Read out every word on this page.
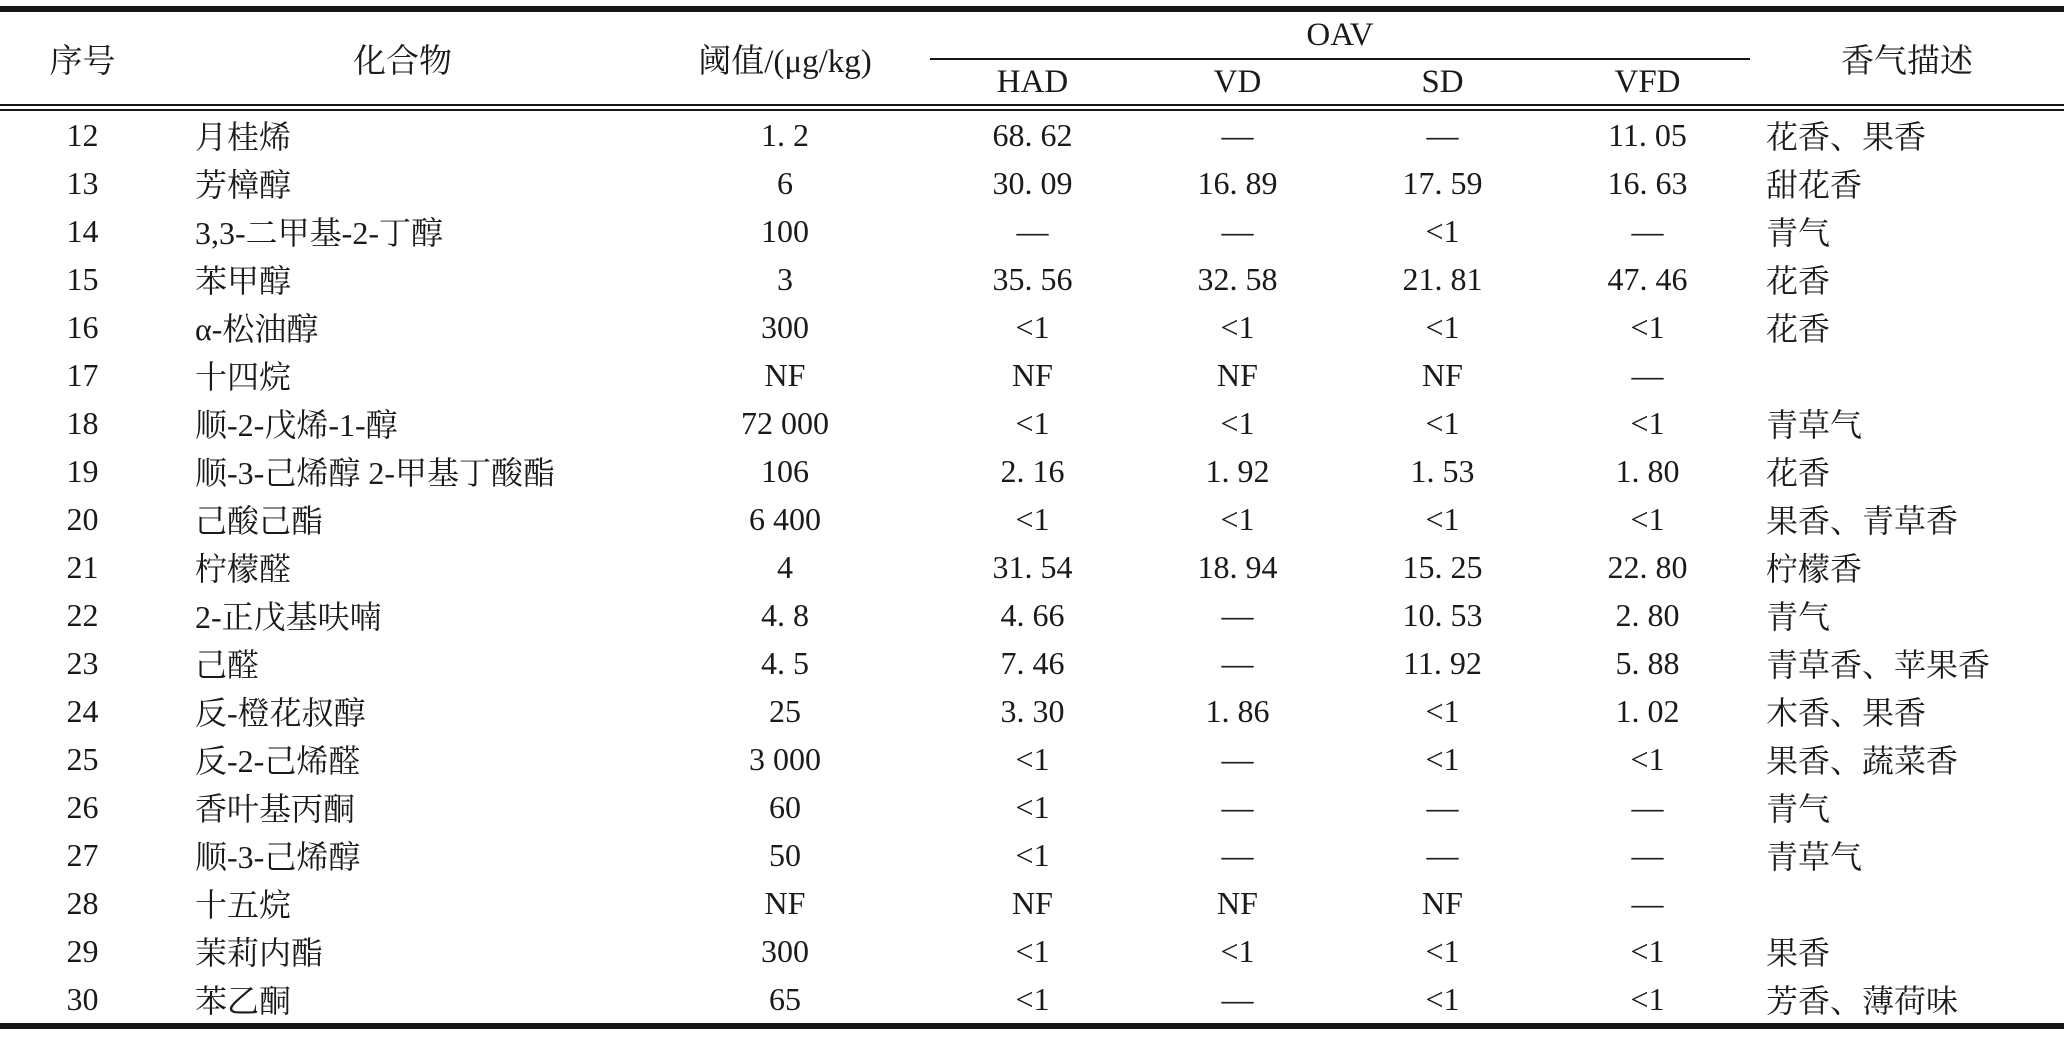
序号	化合物	阈值/(μg/kg)	OAV				香气描述
			HAD	VD	SD	VFD	
12	月桂烯	1. 2	68. 62	—	—	11. 05	花香、果香
13	芳樟醇	6	30. 09	16. 89	17. 59	16. 63	甜花香
14	3,3-二甲基-2-丁醇	100	—	—	<1	—	青气
15	苯甲醇	3	35. 56	32. 58	21. 81	47. 46	花香
16	α-松油醇	300	<1	<1	<1	<1	花香
17	十四烷	NF	NF	NF	NF	—	
18	顺-2-戊烯-1-醇	72 000	<1	<1	<1	<1	青草气
19	顺-3-己烯醇 2-甲基丁酸酯	106	2. 16	1. 92	1. 53	1. 80	花香
20	己酸己酯	6 400	<1	<1	<1	<1	果香、青草香
21	柠檬醛	4	31. 54	18. 94	15. 25	22. 80	柠檬香
22	2-正戊基呋喃	4. 8	4. 66	—	10. 53	2. 80	青气
23	己醛	4. 5	7. 46	—	11. 92	5. 88	青草香、苹果香
24	反-橙花叔醇	25	3. 30	1. 86	<1	1. 02	木香、果香
25	反-2-己烯醛	3 000	<1	—	<1	<1	果香、蔬菜香
26	香叶基丙酮	60	<1	—	—	—	青气
27	顺-3-己烯醇	50	<1	—	—	—	青草气
28	十五烷	NF	NF	NF	NF	—	
29	茉莉内酯	300	<1	<1	<1	<1	果香
30	苯乙酮	65	<1	—	<1	<1	芳香、薄荷味
